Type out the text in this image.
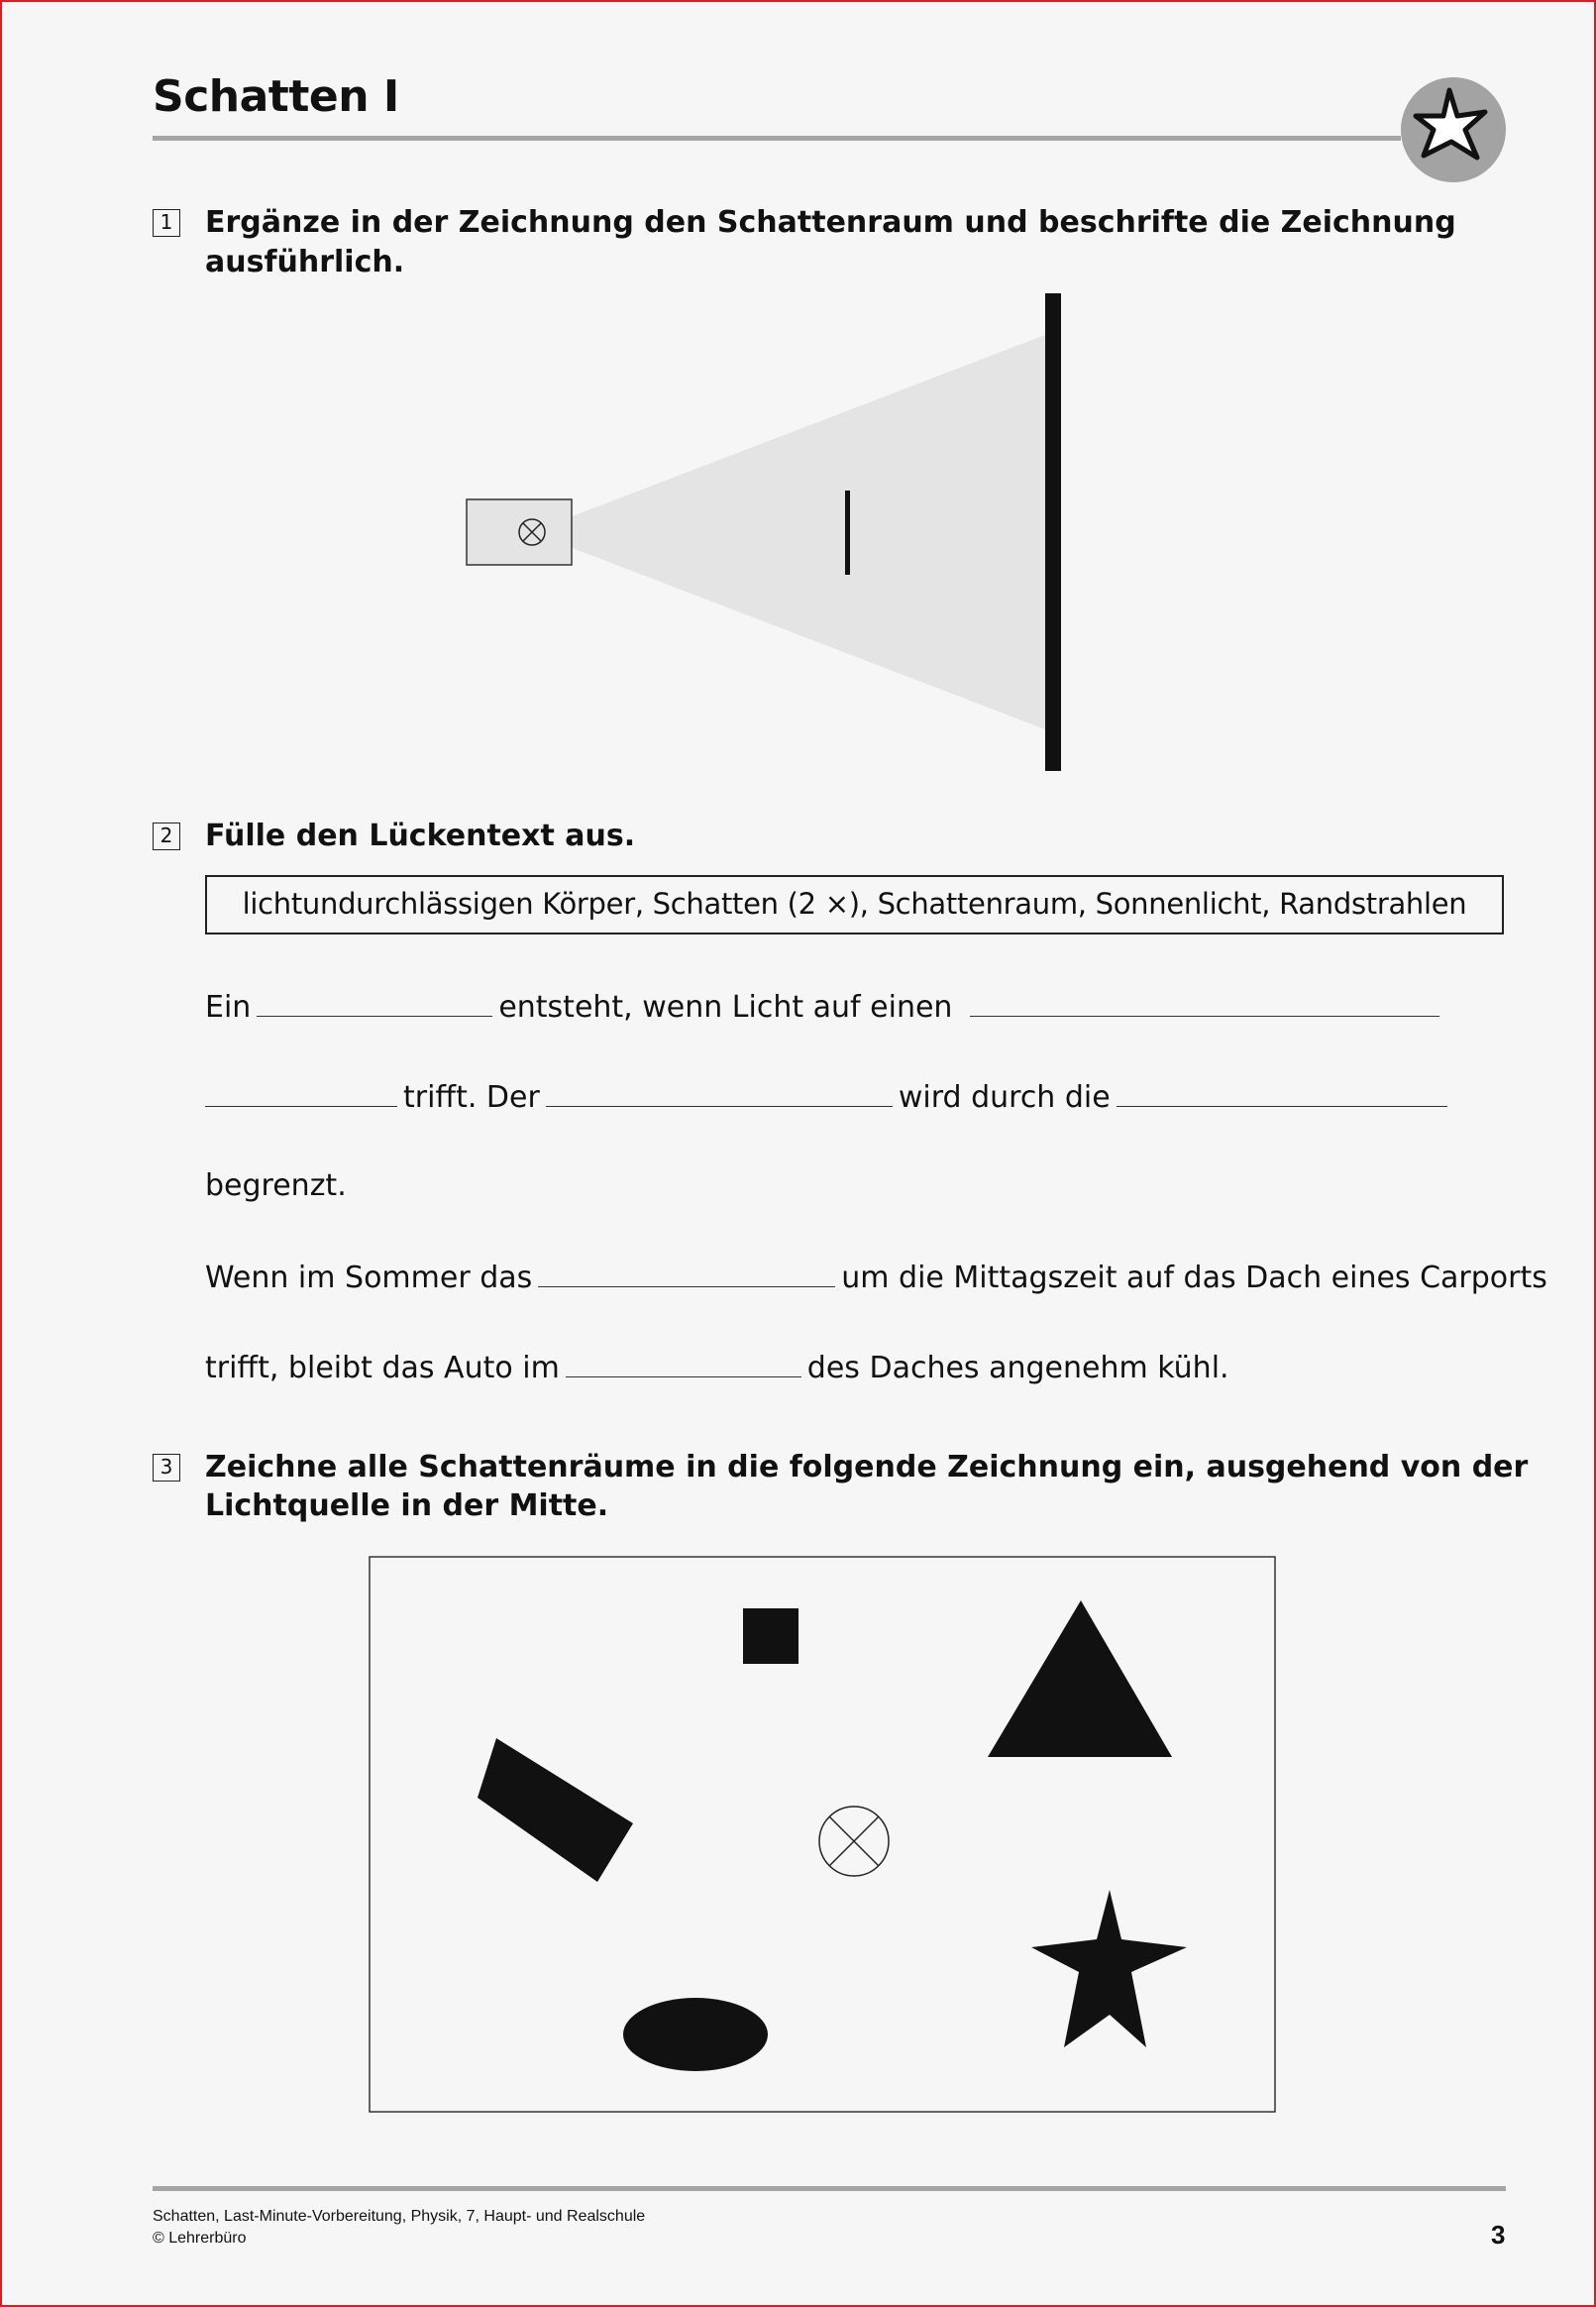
Schatten I
1 Ergänze in der Zeichnung den Schattenraum und beschrifte die Zeichnung ausführlich.
2 Fülle den Lückentext aus.
lichtundurchlässigen Körper, Schatten (2 ×), Schattenraum, Sonnenlicht, Randstrahlen
Ein	entsteht, wenn Licht auf einen
trifft. Der	wird durch die
begrenzt.
Wenn im Sommer das	um die Mittagszeit auf das Dach eines Carports
trifft, bleibt das Auto im	des Daches angenehm kühl.
3 Zeichne alle Schattenräume in die folgende Zeichnung ein, ausgehend von der
Lichtquelle in der Mitte.
Schatten, Last-Minute-Vorbereitung, Physik, 7, Haupt- und Realschule
© Lehrerbüro	3
